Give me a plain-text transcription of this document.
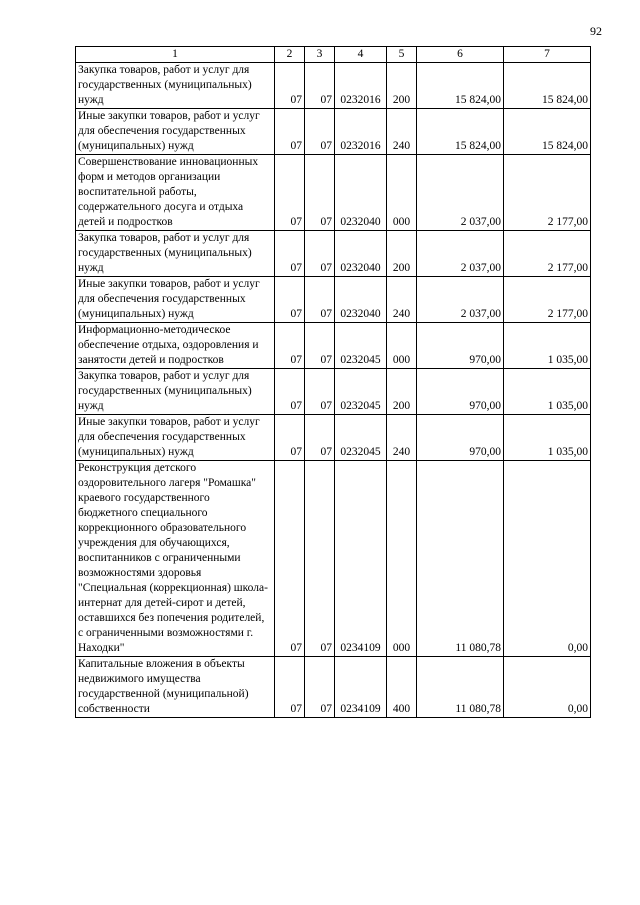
92
1	2	3	4	5	6	7
Закупка товаров, работ и услуг для государственных (муниципальных) нужд	07	07	0232016	200	15 824,00	15 824,00
Иные закупки товаров, работ и услуг для обеспечения государственных (муниципальных) нужд	07	07	0232016	240	15 824,00	15 824,00
Совершенствование инновационных форм и методов организации воспитательной работы, содержательного досуга и отдыха детей и подростков	07	07	0232040	000	2 037,00	2 177,00
Закупка товаров, работ и услуг для государственных (муниципальных) нужд	07	07	0232040	200	2 037,00	2 177,00
Иные закупки товаров, работ и услуг для обеспечения государственных (муниципальных) нужд	07	07	0232040	240	2 037,00	2 177,00
Информационно-методическое обеспечение отдыха, оздоровления и занятости детей и подростков	07	07	0232045	000	970,00	1 035,00
Закупка товаров, работ и услуг для государственных (муниципальных) нужд	07	07	0232045	200	970,00	1 035,00
Иные закупки товаров, работ и услуг для обеспечения государственных (муниципальных) нужд	07	07	0232045	240	970,00	1 035,00
Реконструкция детского оздоровительного лагеря "Ромашка" краевого государственного бюджетного специального коррекционного образовательного учреждения для обучающихся, воспитанников с ограниченными возможностями здоровья "Специальная (коррекционная) школа-интернат для детей-сирот и детей, оставшихся без попечения родителей, с ограниченными возможностями г. Находки"	07	07	0234109	000	11 080,78	0,00
Капитальные вложения в объекты недвижимого имущества государственной (муниципальной) собственности	07	07	0234109	400	11 080,78	0,00
